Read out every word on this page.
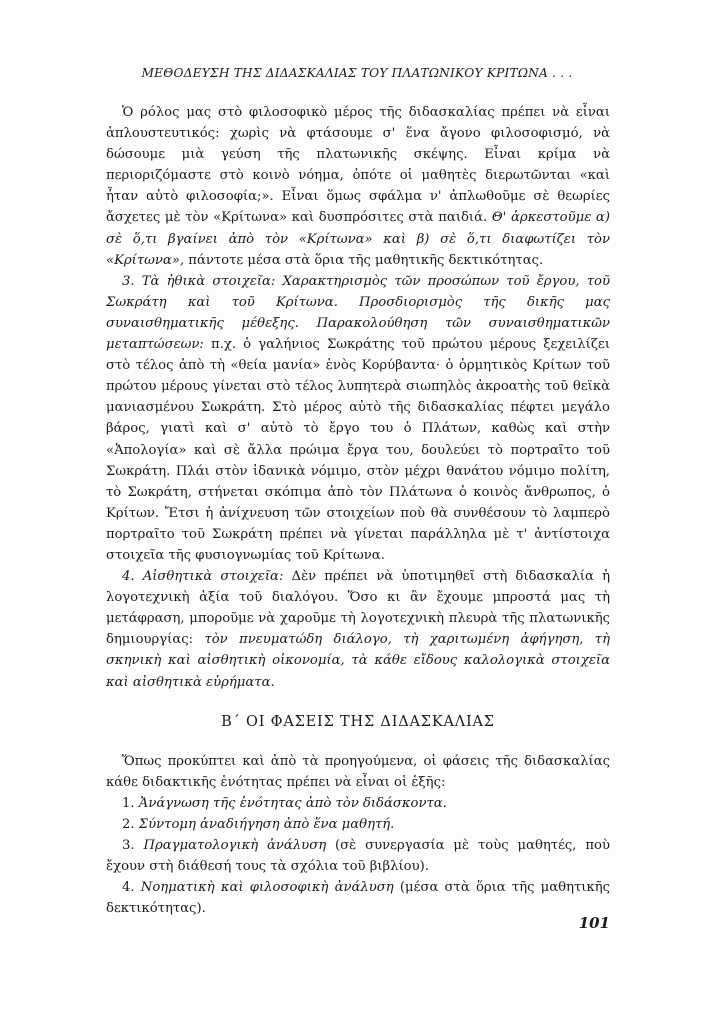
ΜΕΘΟΔΕΥΣΗ ΤΗΣ ΔΙΔΑΣΚΑΛΙΑΣ ΤΟΥ ΠΛΑΤΩΝΙΚΟΥ ΚΡΙΤΩΝΑ . . .

Ὁ ρόλος μας στὸ φιλοσοφικὸ μέρος τῆς διδασκαλίας πρέπει νὰ εἶναι ἁπλουστευτικός: χωρὶς νὰ φτάσουμε σ' ἕνα ἄγονο φιλοσοφισμό, νὰ δώσουμε μιὰ γεύση τῆς πλατωνικῆς σκέψης. Εἶναι κρίμα νὰ περιοριζόμαστε στὸ κοινὸ νόημα, ὁπότε οἱ μαθητὲς διερωτῶνται «καὶ ἦταν αὐτὸ φιλοσοφία;». Εἶναι ὅμως σφάλμα ν' ἁπλωθοῦμε σὲ θεωρίες ἄσχετες μὲ τὸν «Κρίτωνα» καὶ δυσπρόσιτες στὰ παιδιά. Θ' ἀρκεστοῦμε α) σὲ ὅ,τι βγαίνει ἀπὸ τὸν «Κρίτωνα» καὶ β) σὲ ὅ,τι διαφωτίζει τὸν «Κρίτωνα», πάντοτε μέσα στὰ ὅρια τῆς μαθητικῆς δεκτικότητας.

3. Τὰ ἠθικὰ στοιχεῖα: Χαρακτηρισμὸς τῶν προσώπων τοῦ ἔργου, τοῦ Σωκράτη καὶ τοῦ Κρίτωνα. Προσδιορισμὸς τῆς δικῆς μας συναισθηματικῆς μέθεξης. Παρακολούθηση τῶν συναισθηματικῶν μεταπτώσεων: π.χ. ὁ γαλήνιος Σωκράτης τοῦ πρώτου μέρους ξεχειλίζει στὸ τέλος ἀπὸ τὴ «θεία μανία» ἑνὸς Κορύβαντα· ὁ ὁρμητικὸς Κρίτων τοῦ πρώτου μέρους γίνεται στὸ τέλος λυπητερὰ σιωπηλὸς ἀκροατὴς τοῦ θεϊκὰ μανιασμένου Σωκράτη. Στὸ μέρος αὐτὸ τῆς διδασκαλίας πέφτει μεγάλο βάρος, γιατὶ καὶ σ' αὐτὸ τὸ ἔργο του ὁ Πλάτων, καθὼς καὶ στὴν «Ἀπολογία» καὶ σὲ ἄλλα πρώιμα ἔργα του, δουλεύει τὸ πορτραῖτο τοῦ Σωκράτη. Πλάι στὸν ἰδανικὰ νόμιμο, στὸν μέχρι θανάτου νόμιμο πολίτη, τὸ Σωκράτη, στήνεται σκόπιμα ἀπὸ τὸν Πλάτωνα ὁ κοινὸς ἄνθρωπος, ὁ Κρίτων. Ἔτσι ἡ ἀνίχνευση τῶν στοιχείων ποὺ θὰ συνθέσουν τὸ λαμπερὸ πορτραῖτο τοῦ Σωκράτη πρέπει νὰ γίνεται παράλληλα μὲ τ' ἀντίστοιχα στοιχεῖα τῆς φυσιογνωμίας τοῦ Κρίτωνα.

4. Αἰσθητικὰ στοιχεῖα: Δὲν πρέπει νὰ ὑποτιμηθεῖ στὴ διδασκαλία ἡ λογοτεχνικὴ ἀξία τοῦ διαλόγου. Ὅσο κι ἂν ἔχουμε μπροστά μας τὴ μετάφραση, μποροῦμε νὰ χαροῦμε τὴ λογοτεχνικὴ πλευρὰ τῆς πλατωνικῆς δημιουργίας: τὸν πνευματώδη διάλογο, τὴ χαριτωμένη ἀφήγηση, τὴ σκηνικὴ καὶ αἰσθητικὴ οἰκονομία, τὰ κάθε εἴδους καλολογικὰ στοιχεῖα καὶ αἰσθητικὰ εὑρήματα.

Β΄ ΟΙ ΦΑΣΕΙΣ ΤΗΣ ΔΙΔΑΣΚΑΛΙΑΣ

Ὅπως προκύπτει καὶ ἀπὸ τὰ προηγούμενα, οἱ φάσεις τῆς διδασκαλίας κάθε διδακτικῆς ἑνότητας πρέπει νὰ εἶναι οἱ ἑξῆς:

1. Ἀνάγνωση τῆς ἑνότητας ἀπὸ τὸν διδάσκοντα.

2. Σύντομη ἀναδιήγηση ἀπὸ ἕνα μαθητή.

3. Πραγματολογικὴ ἀνάλυση (σὲ συνεργασία μὲ τοὺς μαθητές, ποὺ ἔχουν στὴ διάθεσή τους τὰ σχόλια τοῦ βιβλίου).

4. Νοηματικὴ καὶ φιλοσοφικὴ ἀνάλυση (μέσα στὰ ὅρια τῆς μαθητικῆς δεκτικότητας).

101
